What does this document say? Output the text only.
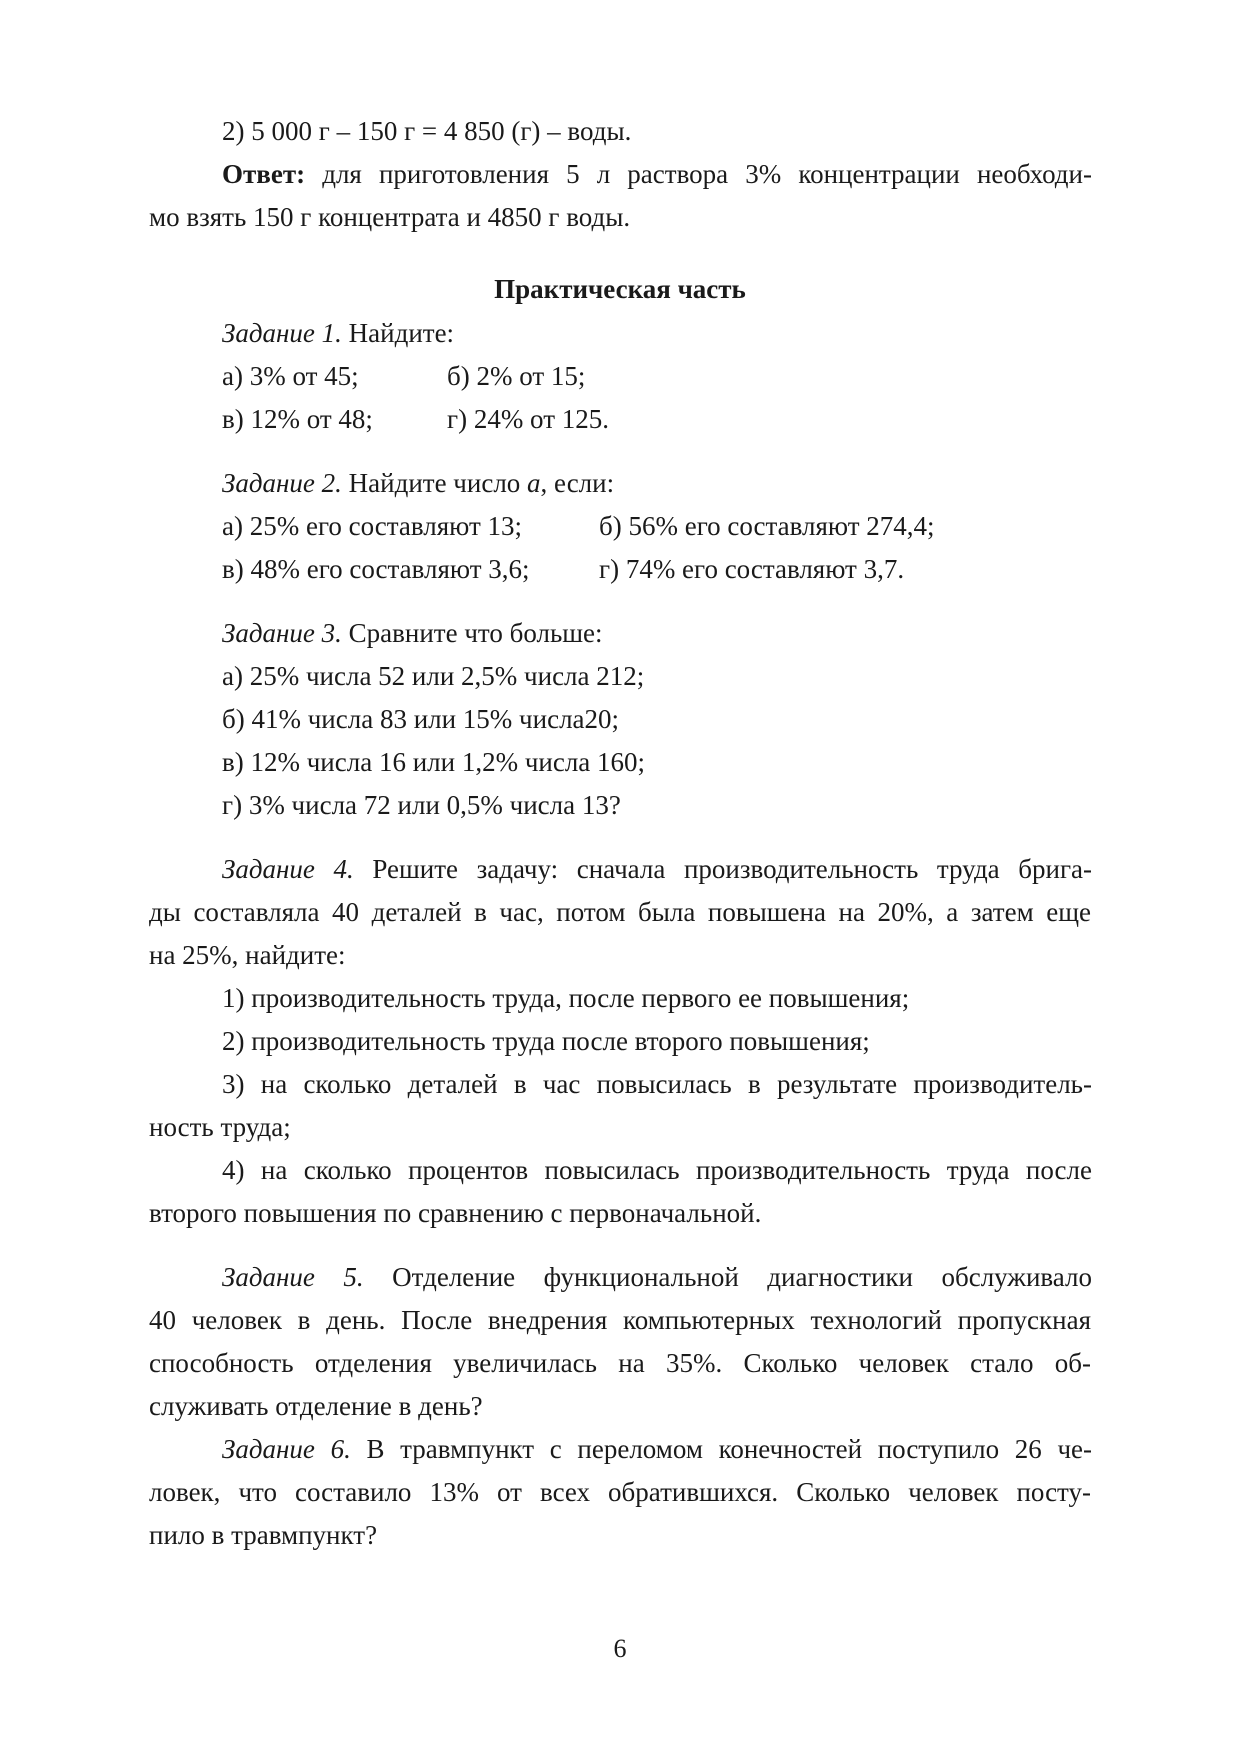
2) 5 000 г – 150 г = 4 850 (г) – воды.
Ответ: для приготовления 5 л раствора 3% концентрации необходи-
мо взять 150 г концентрата и 4850 г воды.
Практическая часть
Задание 1. Найдите:
а) 3% от 45;	б) 2% от 15;
в) 12% от 48;	г) 24% от 125.
Задание 2. Найдите число а, если:
а) 25% его составляют 13;	б) 56% его составляют 274,4;
в) 48% его составляют 3,6;	г) 74% его составляют 3,7.
Задание 3. Сравните что больше:
а) 25% числа 52 или 2,5% числа 212;
б) 41% числа 83 или 15% числа20;
в) 12% числа 16 или 1,2% числа 160;
г) 3% числа 72 или 0,5% числа 13?
Задание 4. Решите задачу: сначала производительность труда брига-
ды составляла 40 деталей в час, потом была повышена на 20%, а затем еще
на 25%, найдите:
1) производительность труда, после первого ее повышения;
2) производительность труда после второго повышения;
3) на сколько деталей в час повысилась в результате производитель-
ность труда;
4) на сколько процентов повысилась производительность труда после
второго повышения по сравнению с первоначальной.
Задание 5. Отделение функциональной диагностики обслуживало
40 человек в день. После внедрения компьютерных технологий пропускная
способность отделения увеличилась на 35%. Сколько человек стало об-
служивать отделение в день?
Задание 6. В травмпункт с переломом конечностей поступило 26 че-
ловек, что составило 13% от всех обратившихся. Сколько человек посту-
пило в травмпункт?
6
